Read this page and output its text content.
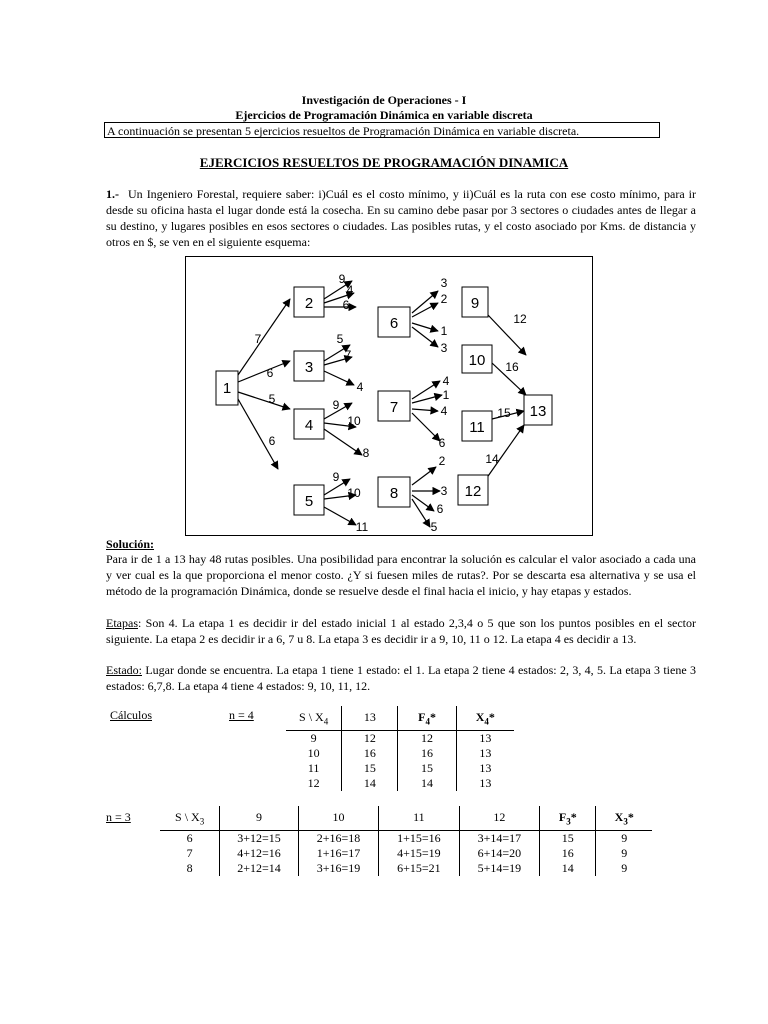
Investigación de Operaciones - I
Ejercicios de Programación Dinámica en variable discreta
A continuación se presentan 5 ejercicios resueltos de Programación Dinámica en variable discreta.
EJERCICIOS RESUELTOS DE PROGRAMACIÓN DINAMICA
1.- Un Ingeniero Forestal, requiere saber: i)Cuál es el costo mínimo, y ii)Cuál es la ruta con ese costo mínimo, para ir desde su oficina hasta el lugar donde está la cosecha. En su camino debe pasar por 3 sectores o ciudades antes de llegar a su destino, y lugares posibles en esos sectores o ciudades. Las posibles rutas, y el costo asociado por Kms. de distancia y otros en $, se ven en el siguiente esquema:
1
2
3
4
5
6
7
8
9
10
11
12
13
7
6
5
6
9
4
6
5
7
4
9
10
8
9
10
11
3
2
1
3
4
1
4
6
2
3
6
5
12
16
15
14
Solución:
Para ir de 1 a 13 hay 48 rutas posibles. Una posibilidad para encontrar la solución es calcular el valor asociado a cada una y ver cual es la que proporciona el menor costo. ¿Y si fuesen miles de rutas?. Por se descarta esa alternativa y se usa el método de la programación Dinámica, donde se resuelve desde el final hacia el inicio, y hay etapas y estados.
Etapas: Son 4. La etapa 1 es decidir ir del estado inicial 1 al estado 2,3,4 o 5 que son los puntos posibles en el sector siguiente. La etapa 2 es decidir ir a 6, 7 u 8. La etapa 3 es decidir ir a 9, 10, 11 o 12. La etapa 4 es decidir a 13.
Estado: Lugar donde se encuentra. La etapa 1 tiene 1 estado: el 1. La etapa 2 tiene 4 estados: 2, 3, 4, 5. La etapa 3 tiene 3 estados: 6,7,8. La etapa 4 tiene 4 estados: 9, 10, 11, 12.
Cálculos	n = 4	S \ $X_4$	13	$F_4*$	$X_4*$
9	12	12	13
10	16	16	13
11	15	15	13
12	14	14	13
n = 3	S \ $X_3$	9	10	11	12	$F_3*$	$X_3*$
6	3+12=15	2+16=18	1+15=16	3+14=17	15	9
7	4+12=16	1+16=17	4+15=19	6+14=20	16	9
8	2+12=14	3+16=19	6+15=21	5+14=19	14	9
